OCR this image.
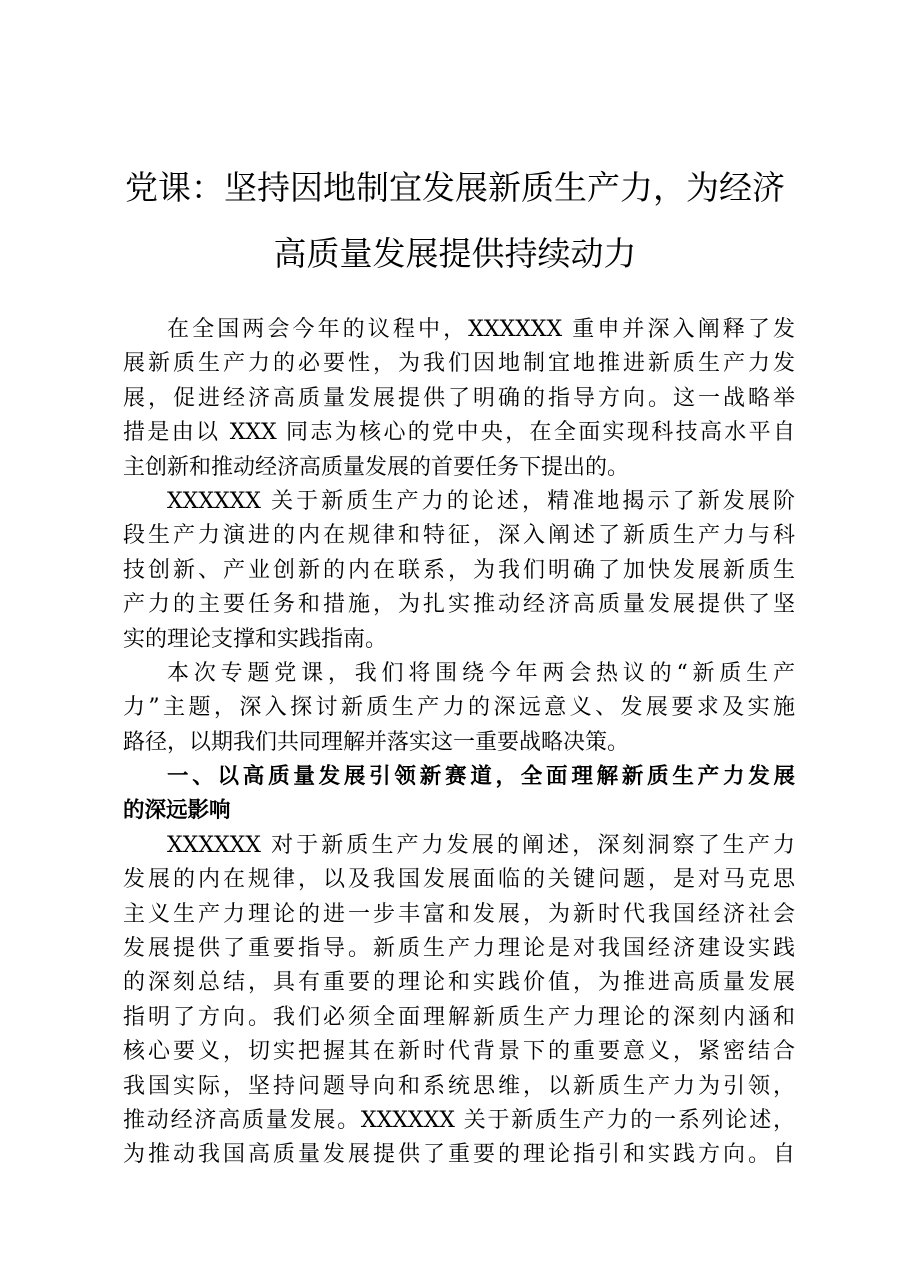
党课：坚持因地制宜发展新质生产力，为经济
高质量发展提供持续动力
在全国两会今年的议程中，XXXXXX 重申并深入阐释了发
展新质生产力的必要性，为我们因地制宜地推进新质生产力发
展，促进经济高质量发展提供了明确的指导方向。这一战略举
措是由以 XXX 同志为核心的党中央，在全面实现科技高水平自
主创新和推动经济高质量发展的首要任务下提出的。
XXXXXX 关于新质生产力的论述，精准地揭示了新发展阶
段生产力演进的内在规律和特征，深入阐述了新质生产力与科
技创新、产业创新的内在联系，为我们明确了加快发展新质生
产力的主要任务和措施，为扎实推动经济高质量发展提供了坚
实的理论支撑和实践指南。
本次专题党课，我们将围绕今年两会热议的“新质生产
力”主题，深入探讨新质生产力的深远意义、发展要求及实施
路径，以期我们共同理解并落实这一重要战略决策。
一、以高质量发展引领新赛道，全面理解新质生产力发展
的深远影响
XXXXXX 对于新质生产力发展的阐述，深刻洞察了生产力
发展的内在规律，以及我国发展面临的关键问题，是对马克思
主义生产力理论的进一步丰富和发展，为新时代我国经济社会
发展提供了重要指导。新质生产力理论是对我国经济建设实践
的深刻总结，具有重要的理论和实践价值，为推进高质量发展
指明了方向。我们必须全面理解新质生产力理论的深刻内涵和
核心要义，切实把握其在新时代背景下的重要意义，紧密结合
我国实际，坚持问题导向和系统思维，以新质生产力为引领，
推动经济高质量发展。XXXXXX 关于新质生产力的一系列论述，
为推动我国高质量发展提供了重要的理论指引和实践方向。自
